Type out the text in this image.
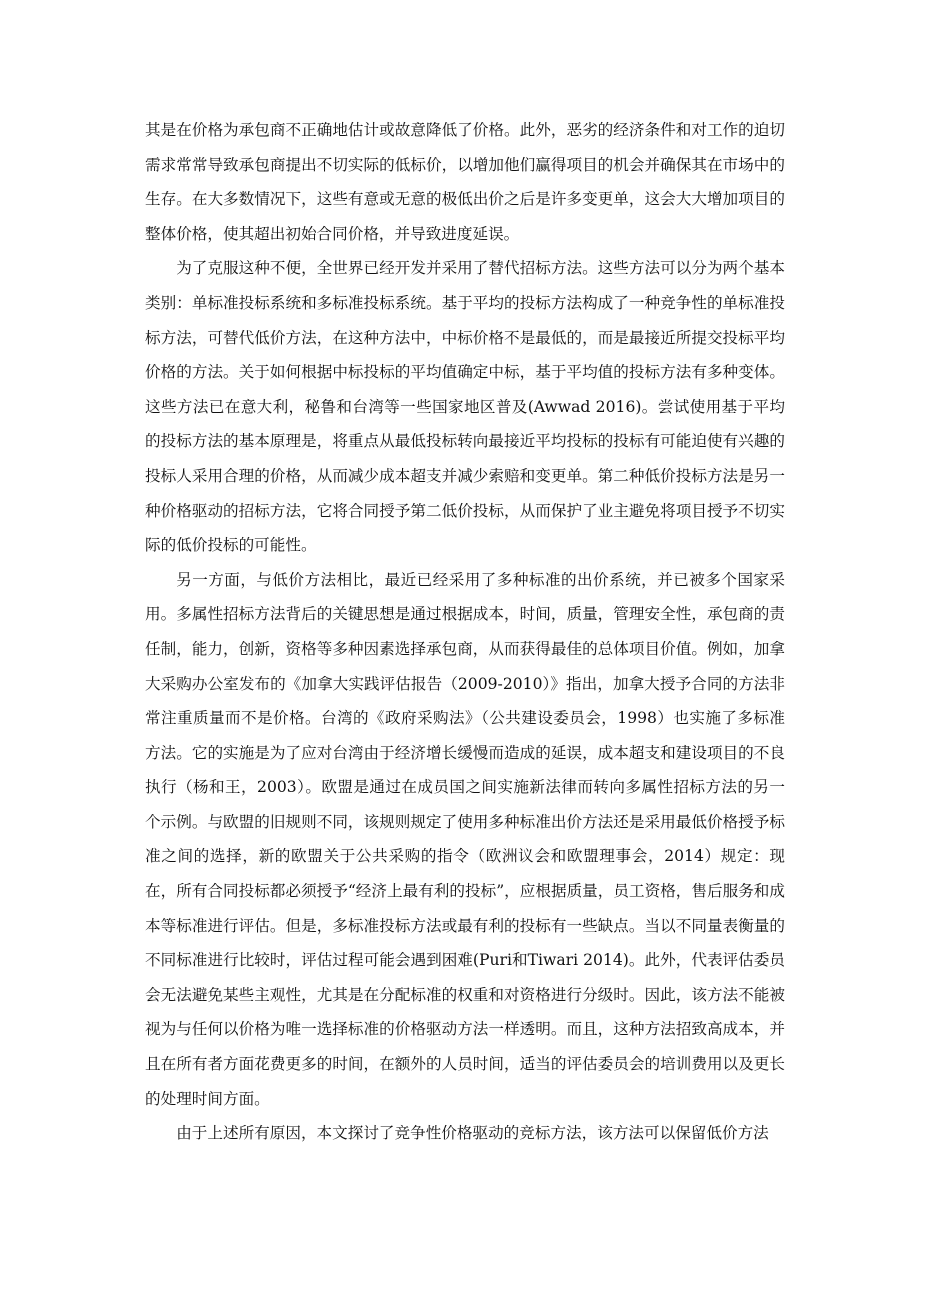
其是在价格为承包商不正确地估计或故意降低了价格。此外，恶劣的经济条件和对工作的迫切需求常常导致承包商提出不切实际的低标价，以增加他们赢得项目的机会并确保其在市场中的生存。在大多数情况下，这些有意或无意的极低出价之后是许多变更单，这会大大增加项目的整体价格，使其超出初始合同价格，并导致进度延误。

为了克服这种不便，全世界已经开发并采用了替代招标方法。这些方法可以分为两个基本类别：单标准投标系统和多标准投标系统。基于平均的投标方法构成了一种竞争性的单标准投标方法，可替代低价方法，在这种方法中，中标价格不是最低的，而是最接近所提交投标平均价格的方法。关于如何根据中标投标的平均值确定中标，基于平均值的投标方法有多种变体。这些方法已在意大利，秘鲁和台湾等一些国家地区普及(Awwad 2016)。尝试使用基于平均的投标方法的基本原理是，将重点从最低投标转向最接近平均投标的投标有可能迫使有兴趣的投标人采用合理的价格，从而减少成本超支并减少索赔和变更单。第二种低价投标方法是另一种价格驱动的招标方法，它将合同授予第二低价投标，从而保护了业主避免将项目授予不切实际的低价投标的可能性。

另一方面，与低价方法相比，最近已经采用了多种标准的出价系统，并已被多个国家采用。多属性招标方法背后的关键思想是通过根据成本，时间，质量，管理安全性，承包商的责任制，能力，创新，资格等多种因素选择承包商，从而获得最佳的总体项目价值。例如，加拿大采购办公室发布的《加拿大实践评估报告（2009-2010）》指出，加拿大授予合同的方法非常注重质量而不是价格。台湾的《政府采购法》（公共建设委员会，1998）也实施了多标准方法。它的实施是为了应对台湾由于经济增长缓慢而造成的延误，成本超支和建设项目的不良执行（杨和王，2003）。欧盟是通过在成员国之间实施新法律而转向多属性招标方法的另一个示例。与欧盟的旧规则不同，该规则规定了使用多种标准出价方法还是采用最低价格授予标准之间的选择，新的欧盟关于公共采购的指令（欧洲议会和欧盟理事会，2014）规定：现在，所有合同投标都必须授予“经济上最有利的投标”，应根据质量，员工资格，售后服务和成本等标准进行评估。但是，多标准投标方法或最有利的投标有一些缺点。当以不同量表衡量的不同标准进行比较时，评估过程可能会遇到困难(Puri和Tiwari 2014)。此外，代表评估委员会无法避免某些主观性，尤其是在分配标准的权重和对资格进行分级时。因此，该方法不能被视为与任何以价格为唯一选择标准的价格驱动方法一样透明。而且，这种方法招致高成本，并且在所有者方面花费更多的时间，在额外的人员时间，适当的评估委员会的培训费用以及更长的处理时间方面。

由于上述所有原因，本文探讨了竞争性价格驱动的竞标方法，该方法可以保留低价方法
